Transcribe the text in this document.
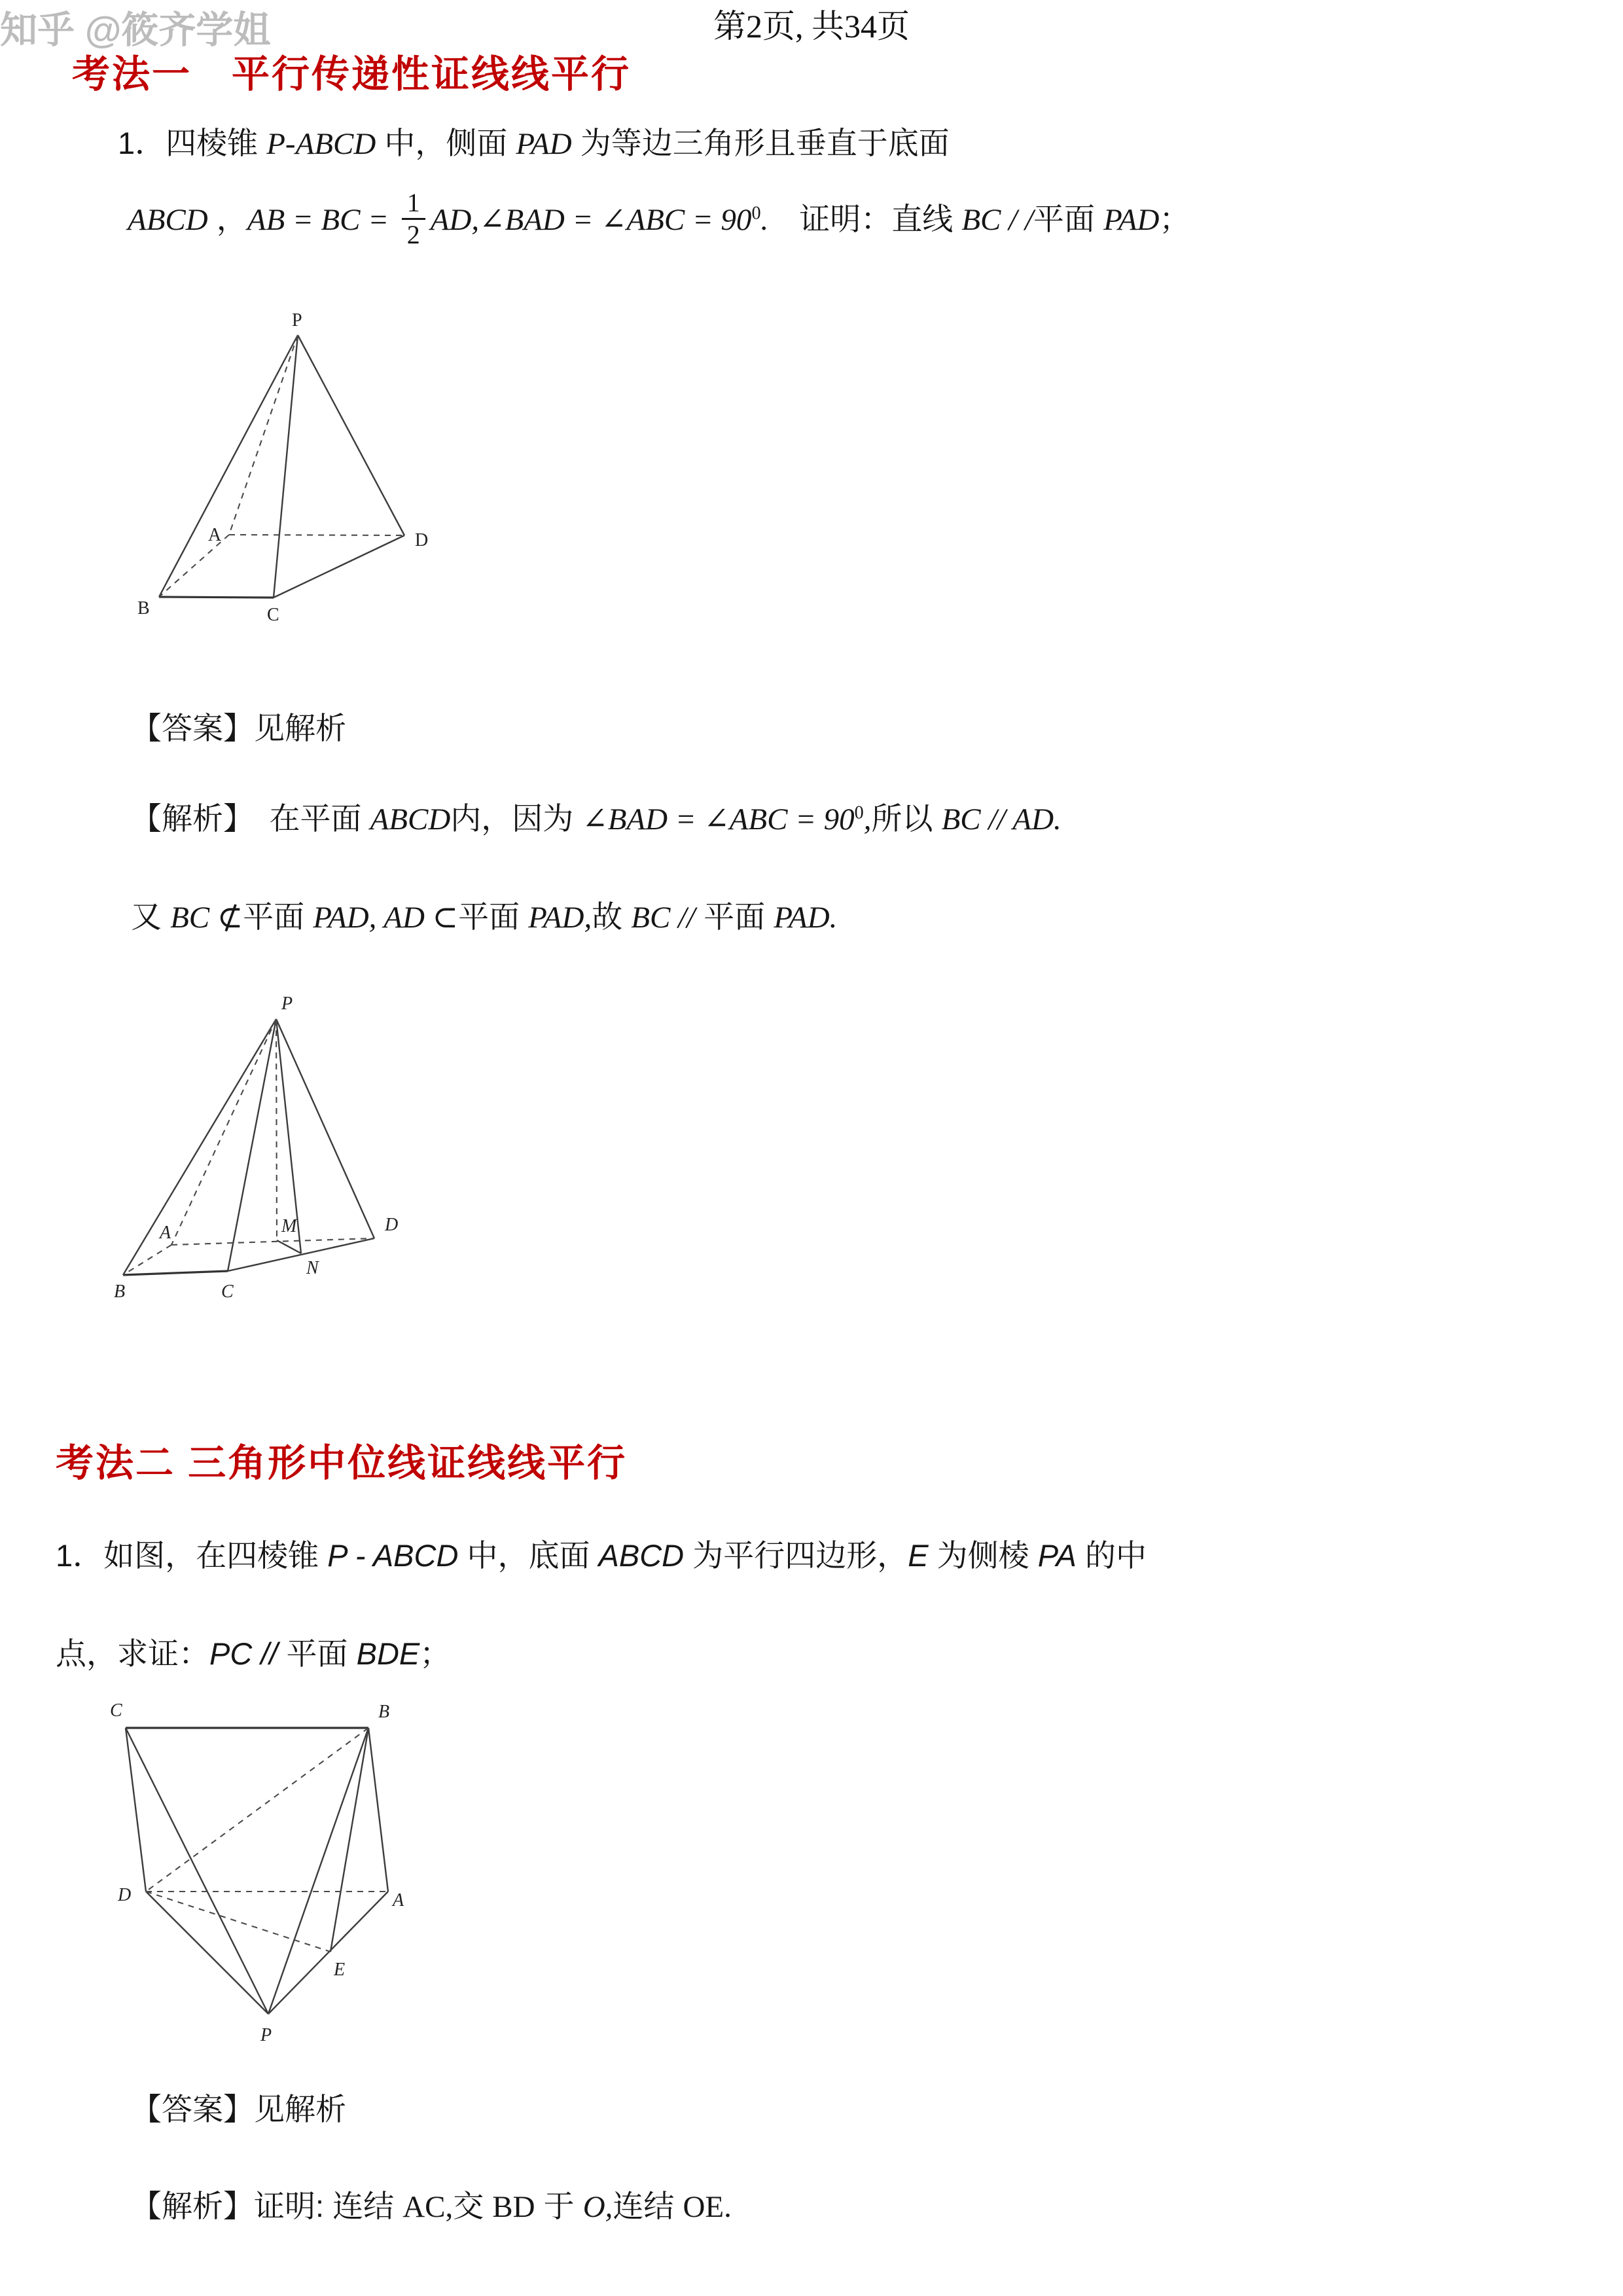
考法一　平行传递性证线线平行
1．四棱锥 P-ABCD 中，侧面 PAD 为等边三角形且垂直于底面
ABCD ，AB = BC = $\frac{1}{2}$ AD,∠BAD = ∠ABC = $90^0$.　证明：直线 BC / /平面 PAD；
P
A
B	C
D
【答案】见解析
【解析】　在平面 ABCD内，因为 ∠BAD = ∠ABC = $90^0$,所以 BC // AD.
又 BC ⊄平面 PAD, AD ⊂平面 PAD,故 BC // 平面 PAD.
P
A
B	C
M
N
D
考法二 三角形中位线证线线平行
1．如图，在四棱锥 P - ABCD 中，底面 ABCD 为平行四边形，E 为侧棱 PA 的中
点，求证：PC // 平面 BDE；
C	B
D	A
E
P
【答案】见解析
【解析】证明: 连结 AC,交 BD 于 O,连结 OE.
第2页, 共34页
知乎 @筱齐学姐
